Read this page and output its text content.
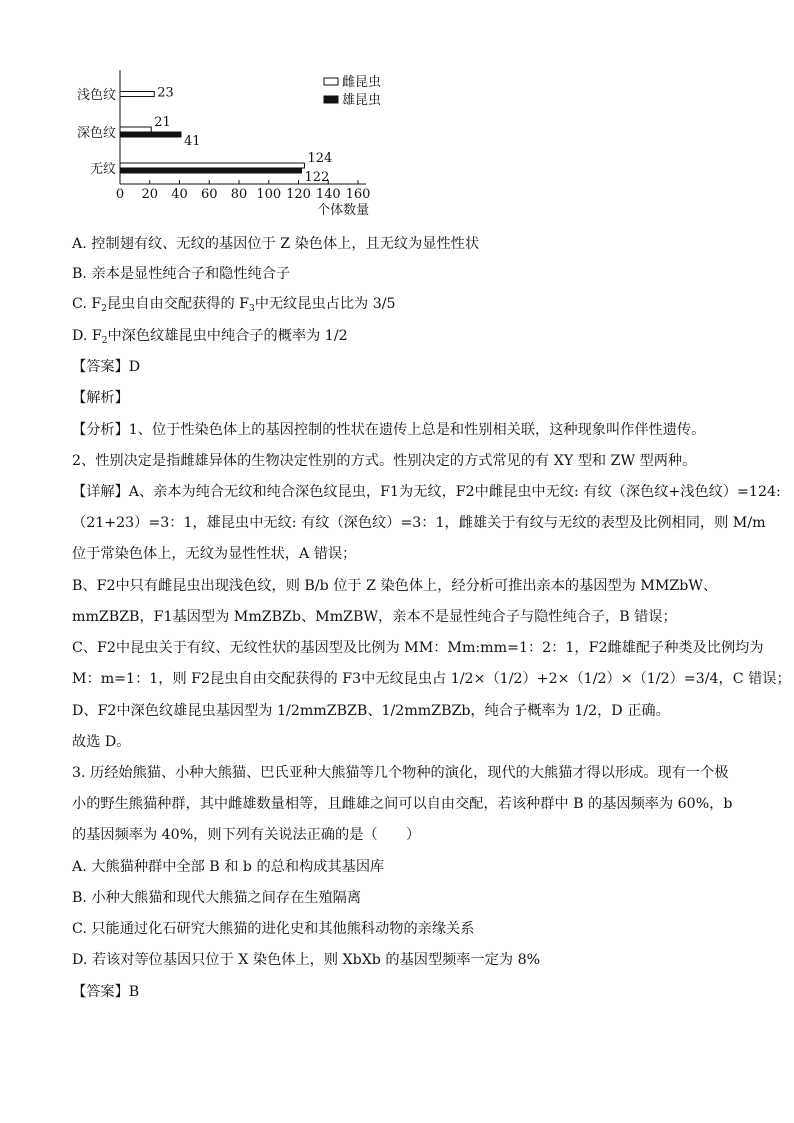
0 20 40 60 80 100 120 140 160
个体数量
浅色纹
深色纹
无纹
23
21
41
124
122
雌昆虫
雄昆虫
A. 控制翅有纹、无纹的基因位于 Z 染色体上，且无纹为显性性状
B. 亲本是显性纯合子和隐性纯合子
C. $F_2$昆虫自由交配获得的 $F_3$中无纹昆虫占比为 3/5
D. $F_2$中深色纹雄昆虫中纯合子的概率为 1/2
【答案】D
【解析】
【分析】1、位于性染色体上的基因控制的性状在遗传上总是和性别相关联，这种现象叫作伴性遗传。
2、性别决定是指雌雄异体的生物决定性别的方式。性别决定的方式常见的有 XY 型和 ZW 型两种。
【详解】A、亲本为纯合无纹和纯合深色纹昆虫，F1为无纹，F2中雌昆虫中无纹: 有纹（深色纹+浅色纹）=124:
（21+23）=3：1，雄昆虫中无纹: 有纹（深色纹）=3：1，雌雄关于有纹与无纹的表型及比例相同，则 M/m
位于常染色体上，无纹为显性性状，A 错误；
B、F2中只有雌昆虫出现浅色纹，则 B/b 位于 Z 染色体上，经分析可推出亲本的基因型为 MMZbW、
mmZBZB，F1基因型为 MmZBZb、MmZBW，亲本不是显性纯合子与隐性纯合子，B 错误；
C、F2中昆虫关于有纹、无纹性状的基因型及比例为 MM：Mm:mm=1：2：1，F2雌雄配子种类及比例均为
M：m=1：1，则 F2昆虫自由交配获得的 F3中无纹昆虫占 1/2×（1/2）+2×（1/2）×（1/2）=3/4，C 错误；
D、F2中深色纹雄昆虫基因型为 1/2mmZBZB、1/2mmZBZb，纯合子概率为 1/2，D 正确。
故选 D。
3. 历经始熊猫、小种大熊猫、巴氏亚种大熊猫等几个物种的演化，现代的大熊猫才得以形成。现有一个极
小的野生熊猫种群，其中雌雄数量相等，且雌雄之间可以自由交配，若该种群中 B 的基因频率为 60%，b
的基因频率为 40%，则下列有关说法正确的是（　　）
A. 大熊猫种群中全部 B 和 b 的总和构成其基因库
B. 小种大熊猫和现代大熊猫之间存在生殖隔离
C. 只能通过化石研究大熊猫的进化史和其他熊科动物的亲缘关系
D. 若该对等位基因只位于 X 染色体上，则 XbXb 的基因型频率一定为 8%
【答案】B
